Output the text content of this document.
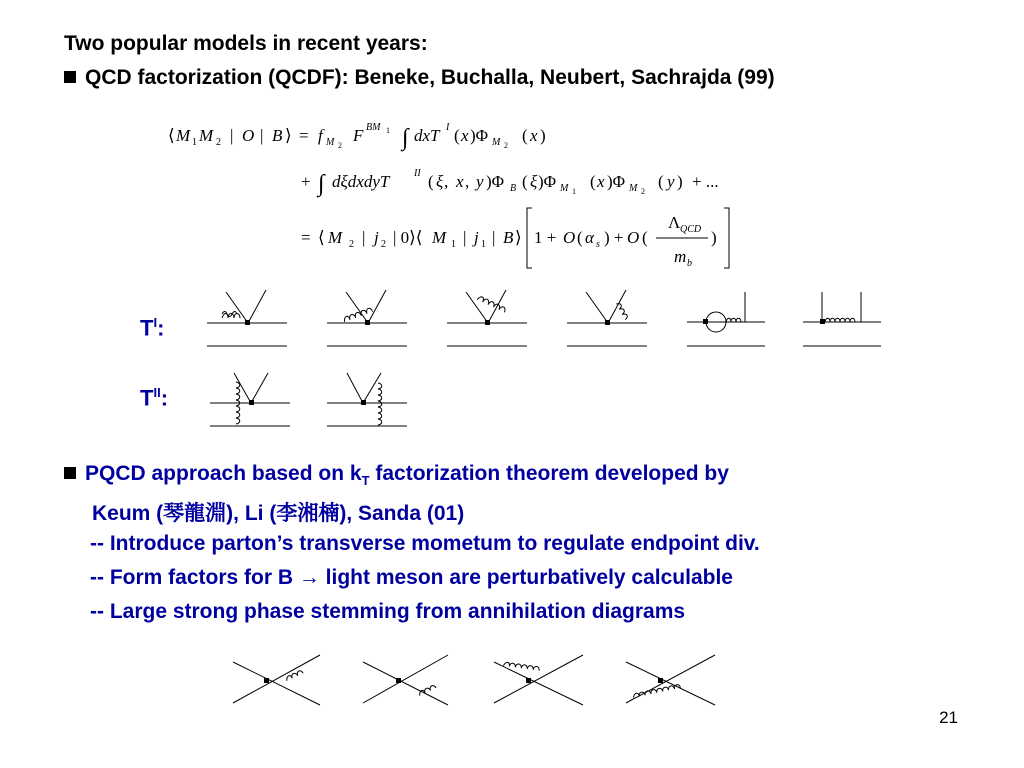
Two popular models in recent years:
QCD factorization (QCDF): Beneke, Buchalla, Neubert, Sachrajda (99)
⟨ M 1 M 2 | O | B ⟩ = f M 2
F BM 1 ∫ dxT I ( x )Φ M 2
( x )
+ ∫ dξdxdyT II ( ξ , x , y )Φ B ( ξ )Φ M 1
( x )Φ M 2
( y ) + ...
= ⟨ M 2 | j 2 | 0⟩⟨ M 1 | j 1 | B ⟩ 1 + O ( α s ) + O (
Λ QCD
m b
)
$T^I$:
$T^{II}$:
PQCD approach based on $k_T$ factorization theorem developed by
Keum (琴龍淵), Li (李湘楠), Sanda (01)
-- Introduce parton’s transverse mometum to regulate endpoint div.
-- Form factors for B → light meson are perturbatively calculable
-- Large strong phase stemming from annihilation diagrams
21
